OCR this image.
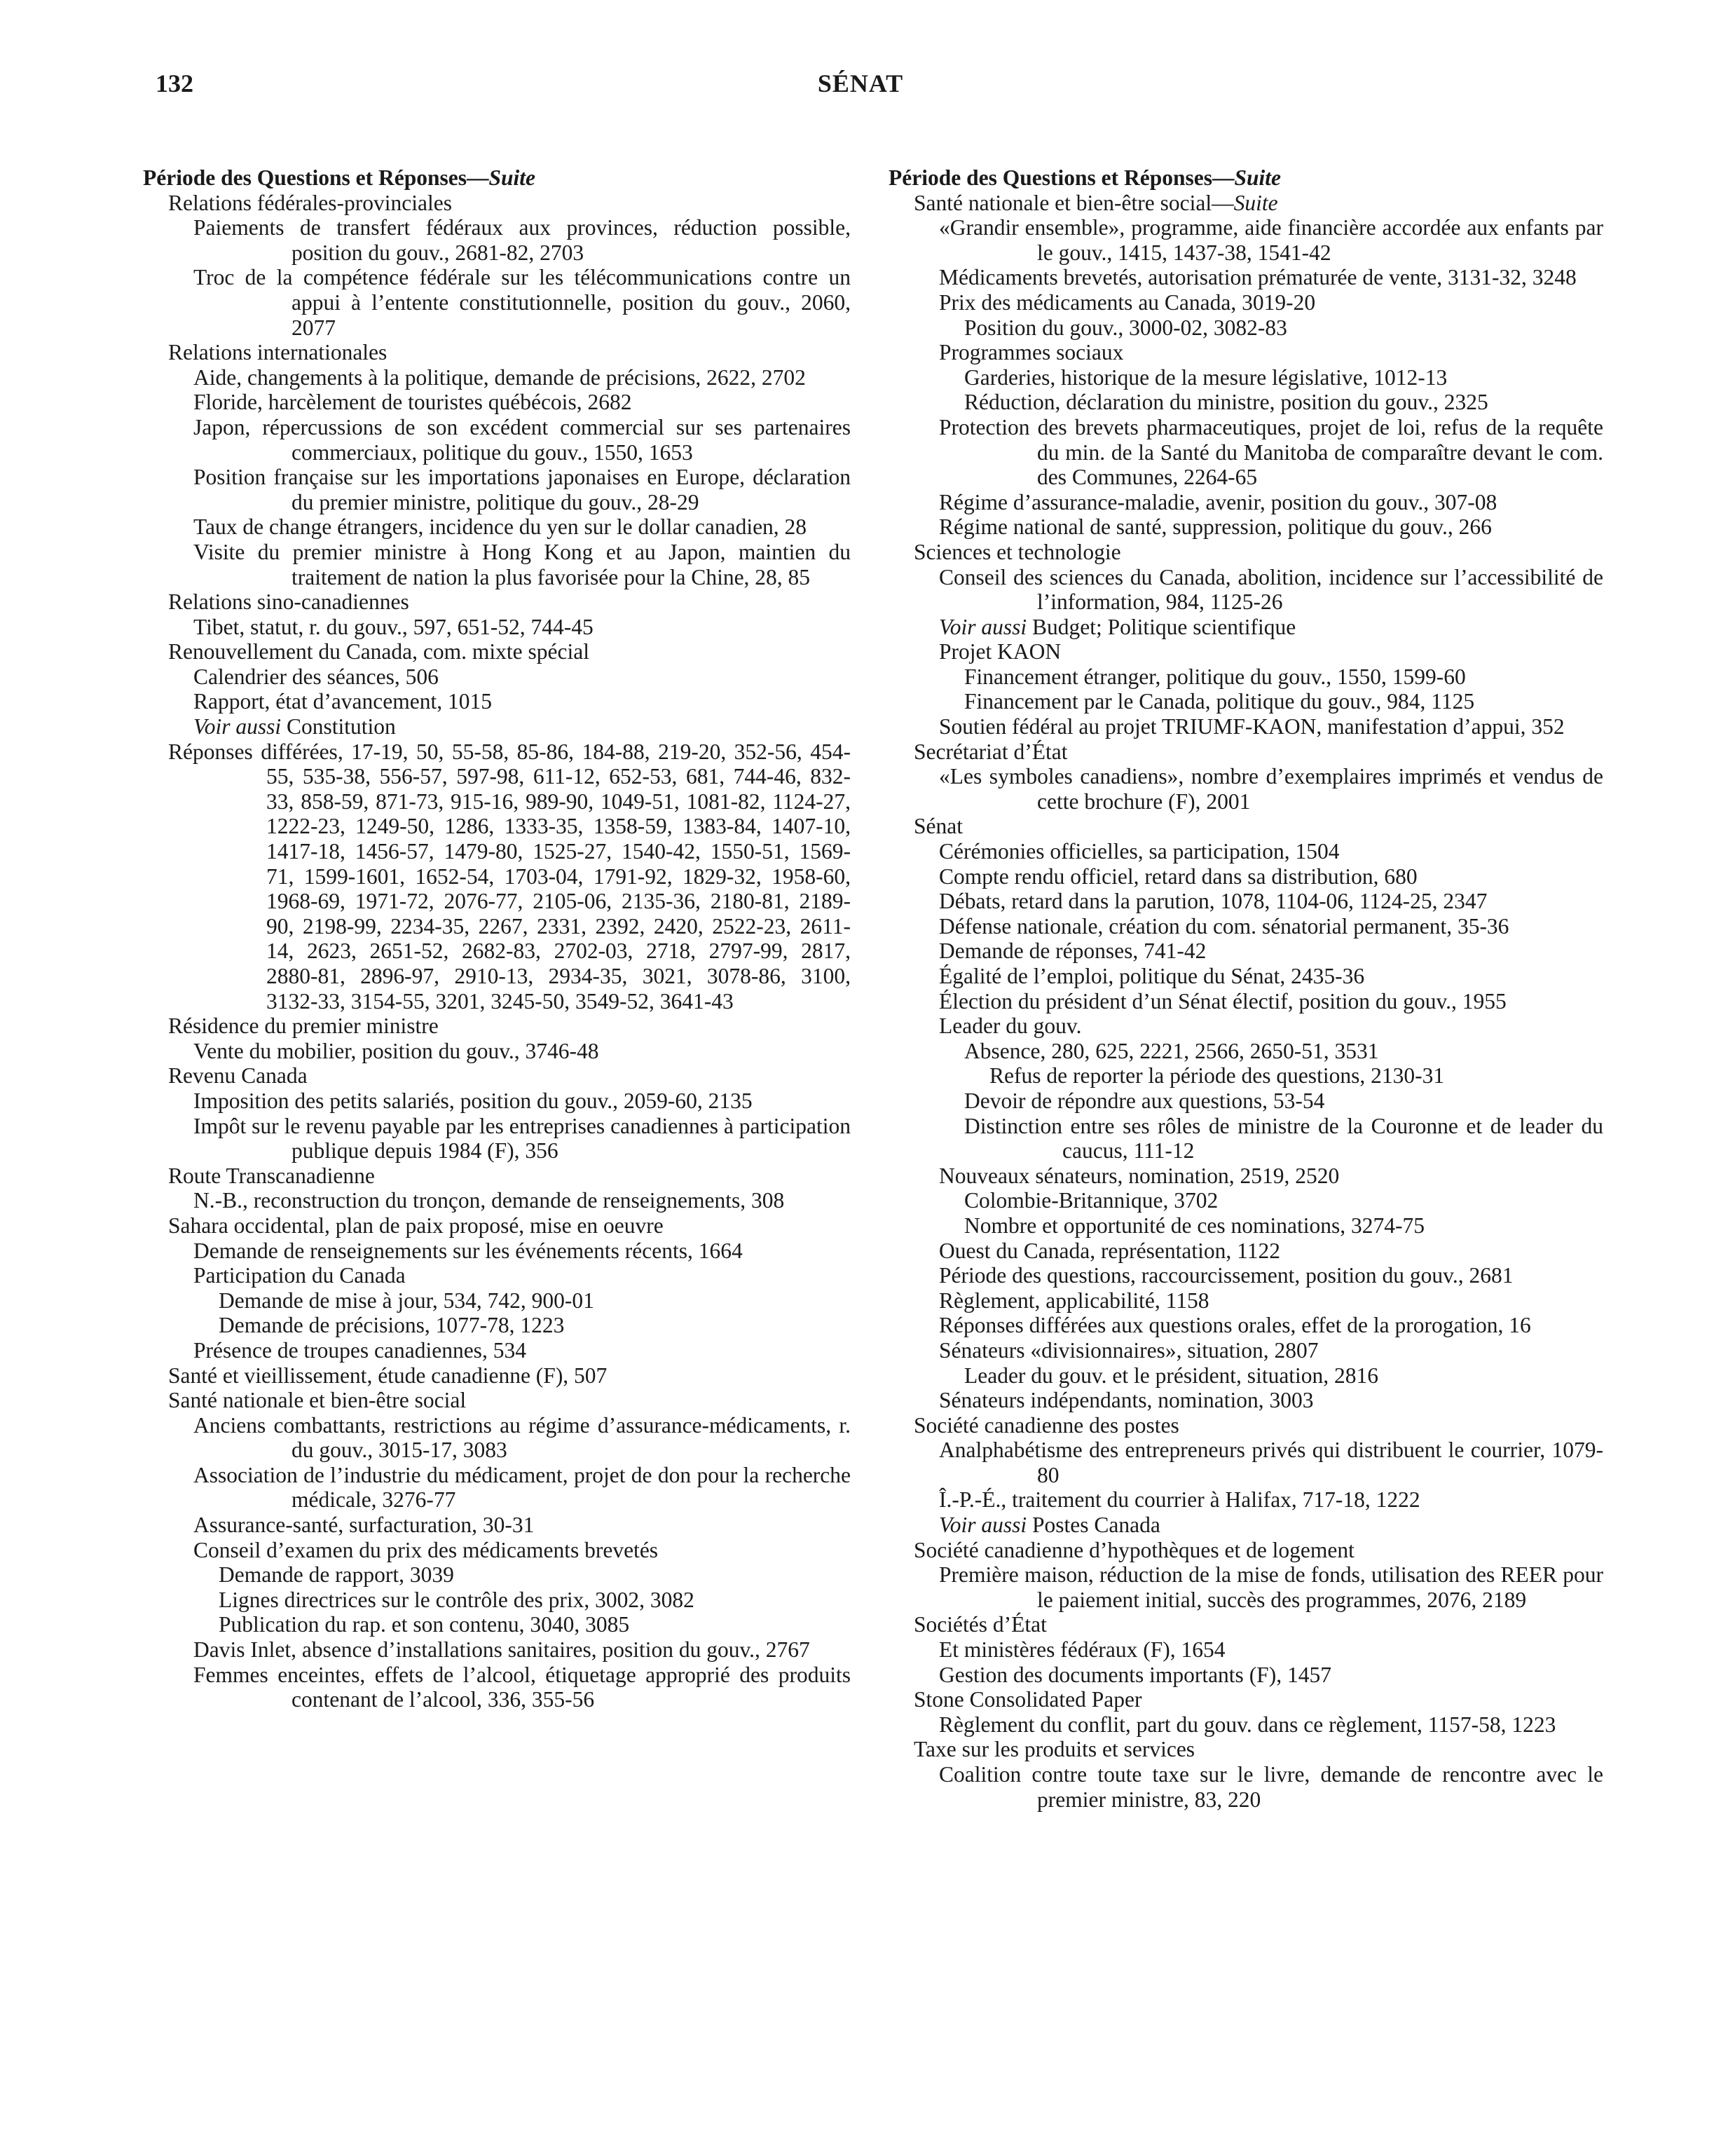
132	SÉNAT
Période des Questions et Réponses—Suite
Relations fédérales-provinciales
Paiements de transfert fédéraux aux provinces, réduction possible, position du gouv., 2681-82, 2703
Troc de la compétence fédérale sur les télécommunications contre un appui à l’entente constitutionnelle, position du gouv., 2060, 2077
Relations internationales
Aide, changements à la politique, demande de précisions, 2622, 2702
Floride, harcèlement de touristes québécois, 2682
Japon, répercussions de son excédent commercial sur ses partenaires commerciaux, politique du gouv., 1550, 1653
Position française sur les importations japonaises en Europe, déclaration du premier ministre, politique du gouv., 28-29
Taux de change étrangers, incidence du yen sur le dollar canadien, 28
Visite du premier ministre à Hong Kong et au Japon, maintien du traitement de nation la plus favorisée pour la Chine, 28, 85
Relations sino-canadiennes
Tibet, statut, r. du gouv., 597, 651-52, 744-45
Renouvellement du Canada, com. mixte spécial
Calendrier des séances, 506
Rapport, état d’avancement, 1015
Voir aussi Constitution
Réponses différées, 17-19, 50, 55-58, 85-86, 184-88, 219-20, 352-56, 454-55, 535-38, 556-57, 597-98, 611-12, 652-53, 681, 744-46, 832-33, 858-59, 871-73, 915-16, 989-90, 1049-51, 1081-82, 1124-27, 1222-23, 1249-50, 1286, 1333-35, 1358-59, 1383-84, 1407-10, 1417-18, 1456-57, 1479-80, 1525-27, 1540-42, 1550-51, 1569-71, 1599-1601, 1652-54, 1703-04, 1791-92, 1829-32, 1958-60, 1968-69, 1971-72, 2076-77, 2105-06, 2135-36, 2180-81, 2189-90, 2198-99, 2234-35, 2267, 2331, 2392, 2420, 2522-23, 2611-14, 2623, 2651-52, 2682-83, 2702-03, 2718, 2797-99, 2817, 2880-81, 2896-97, 2910-13, 2934-35, 3021, 3078-86, 3100, 3132-33, 3154-55, 3201, 3245-50, 3549-52, 3641-43
Résidence du premier ministre
Vente du mobilier, position du gouv., 3746-48
Revenu Canada
Imposition des petits salariés, position du gouv., 2059-60, 2135
Impôt sur le revenu payable par les entreprises canadiennes à participation publique depuis 1984 (F), 356
Route Transcanadienne
N.-B., reconstruction du tronçon, demande de renseignements, 308
Sahara occidental, plan de paix proposé, mise en oeuvre
Demande de renseignements sur les événements récents, 1664
Participation du Canada
Demande de mise à jour, 534, 742, 900-01
Demande de précisions, 1077-78, 1223
Présence de troupes canadiennes, 534
Santé et vieillissement, étude canadienne (F), 507
Santé nationale et bien-être social
Anciens combattants, restrictions au régime d’assurance-médicaments, r. du gouv., 3015-17, 3083
Association de l’industrie du médicament, projet de don pour la recherche médicale, 3276-77
Assurance-santé, surfacturation, 30-31
Conseil d’examen du prix des médicaments brevetés
Demande de rapport, 3039
Lignes directrices sur le contrôle des prix, 3002, 3082
Publication du rap. et son contenu, 3040, 3085
Davis Inlet, absence d’installations sanitaires, position du gouv., 2767
Femmes enceintes, effets de l’alcool, étiquetage approprié des produits contenant de l’alcool, 336, 355-56
Période des Questions et Réponses—Suite
Santé nationale et bien-être social—Suite
«Grandir ensemble», programme, aide financière accordée aux enfants par le gouv., 1415, 1437-38, 1541-42
Médicaments brevetés, autorisation prématurée de vente, 3131-32, 3248
Prix des médicaments au Canada, 3019-20
Position du gouv., 3000-02, 3082-83
Programmes sociaux
Garderies, historique de la mesure législative, 1012-13
Réduction, déclaration du ministre, position du gouv., 2325
Protection des brevets pharmaceutiques, projet de loi, refus de la requête du min. de la Santé du Manitoba de comparaître devant le com. des Communes, 2264-65
Régime d’assurance-maladie, avenir, position du gouv., 307-08
Régime national de santé, suppression, politique du gouv., 266
Sciences et technologie
Conseil des sciences du Canada, abolition, incidence sur l’accessibilité de l’information, 984, 1125-26
Voir aussi Budget; Politique scientifique
Projet KAON
Financement étranger, politique du gouv., 1550, 1599-60
Financement par le Canada, politique du gouv., 984, 1125
Soutien fédéral au projet TRIUMF-KAON, manifestation d’appui, 352
Secrétariat d’État
«Les symboles canadiens», nombre d’exemplaires imprimés et vendus de cette brochure (F), 2001
Sénat
Cérémonies officielles, sa participation, 1504
Compte rendu officiel, retard dans sa distribution, 680
Débats, retard dans la parution, 1078, 1104-06, 1124-25, 2347
Défense nationale, création du com. sénatorial permanent, 35-36
Demande de réponses, 741-42
Égalité de l’emploi, politique du Sénat, 2435-36
Élection du président d’un Sénat électif, position du gouv., 1955
Leader du gouv.
Absence, 280, 625, 2221, 2566, 2650-51, 3531
Refus de reporter la période des questions, 2130-31
Devoir de répondre aux questions, 53-54
Distinction entre ses rôles de ministre de la Couronne et de leader du caucus, 111-12
Nouveaux sénateurs, nomination, 2519, 2520
Colombie-Britannique, 3702
Nombre et opportunité de ces nominations, 3274-75
Ouest du Canada, représentation, 1122
Période des questions, raccourcissement, position du gouv., 2681
Règlement, applicabilité, 1158
Réponses différées aux questions orales, effet de la prorogation, 16
Sénateurs «divisionnaires», situation, 2807
Leader du gouv. et le président, situation, 2816
Sénateurs indépendants, nomination, 3003
Société canadienne des postes
Analphabétisme des entrepreneurs privés qui distribuent le courrier, 1079-80
Î.-P.-É., traitement du courrier à Halifax, 717-18, 1222
Voir aussi Postes Canada
Société canadienne d’hypothèques et de logement
Première maison, réduction de la mise de fonds, utilisation des REER pour le paiement initial, succès des programmes, 2076, 2189
Sociétés d’État
Et ministères fédéraux (F), 1654
Gestion des documents importants (F), 1457
Stone Consolidated Paper
Règlement du conflit, part du gouv. dans ce règlement, 1157-58, 1223
Taxe sur les produits et services
Coalition contre toute taxe sur le livre, demande de rencontre avec le premier ministre, 83, 220
